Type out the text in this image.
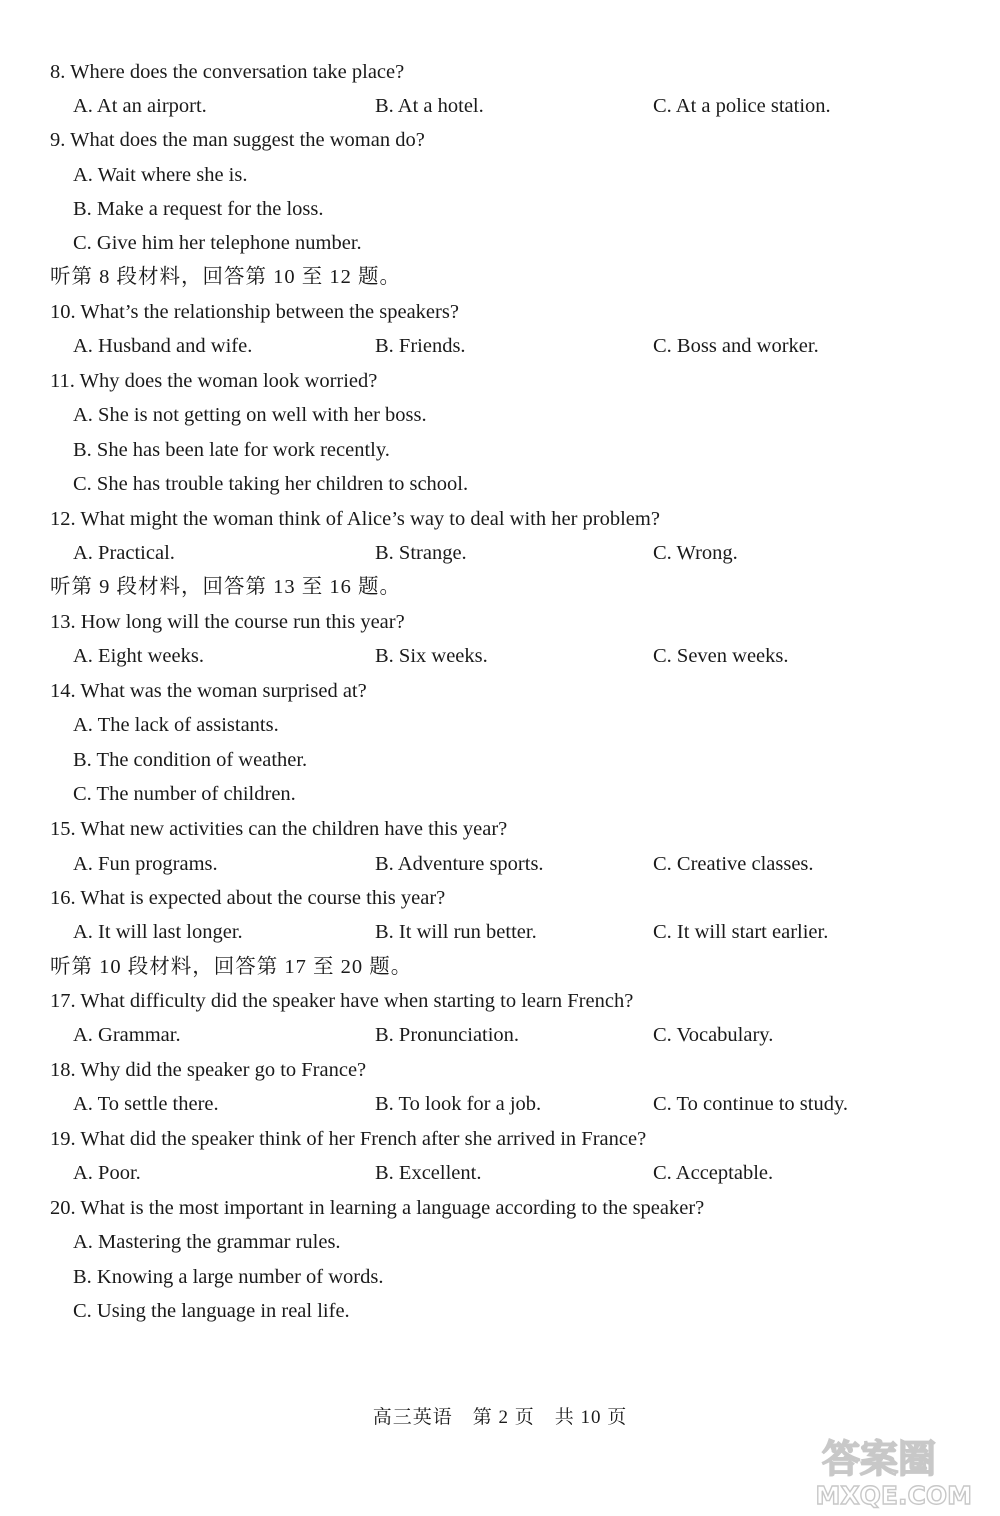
8. Where does the conversation take place?
A. At an airport.	B. At a hotel.	C. At a police station.
9. What does the man suggest the woman do?
A. Wait where she is.
B. Make a request for the loss.
C. Give him her telephone number.
听第 8 段材料，回答第 10 至 12 题。
10. What’s the relationship between the speakers?
A. Husband and wife.	B. Friends.	C. Boss and worker.
11. Why does the woman look worried?
A. She is not getting on well with her boss.
B. She has been late for work recently.
C. She has trouble taking her children to school.
12. What might the woman think of Alice’s way to deal with her problem?
A. Practical.	B. Strange.	C. Wrong.
听第 9 段材料，回答第 13 至 16 题。
13. How long will the course run this year?
A. Eight weeks.	B. Six weeks.	C. Seven weeks.
14. What was the woman surprised at?
A. The lack of assistants.
B. The condition of weather.
C. The number of children.
15. What new activities can the children have this year?
A. Fun programs.	B. Adventure sports.	C. Creative classes.
16. What is expected about the course this year?
A. It will last longer.	B. It will run better.	C. It will start earlier.
听第 10 段材料，回答第 17 至 20 题。
17. What difficulty did the speaker have when starting to learn French?
A. Grammar.	B. Pronunciation.	C. Vocabulary.
18. Why did the speaker go to France?
A. To settle there.	B. To look for a job.	C. To continue to study.
19. What did the speaker think of her French after she arrived in France?
A. Poor.	B. Excellent.	C. Acceptable.
20. What is the most important in learning a language according to the speaker?
A. Mastering the grammar rules.
B. Knowing a large number of words.
C. Using the language in real life.
高三英语　第 2 页　共 10 页
答案圈
MXQE.COM
